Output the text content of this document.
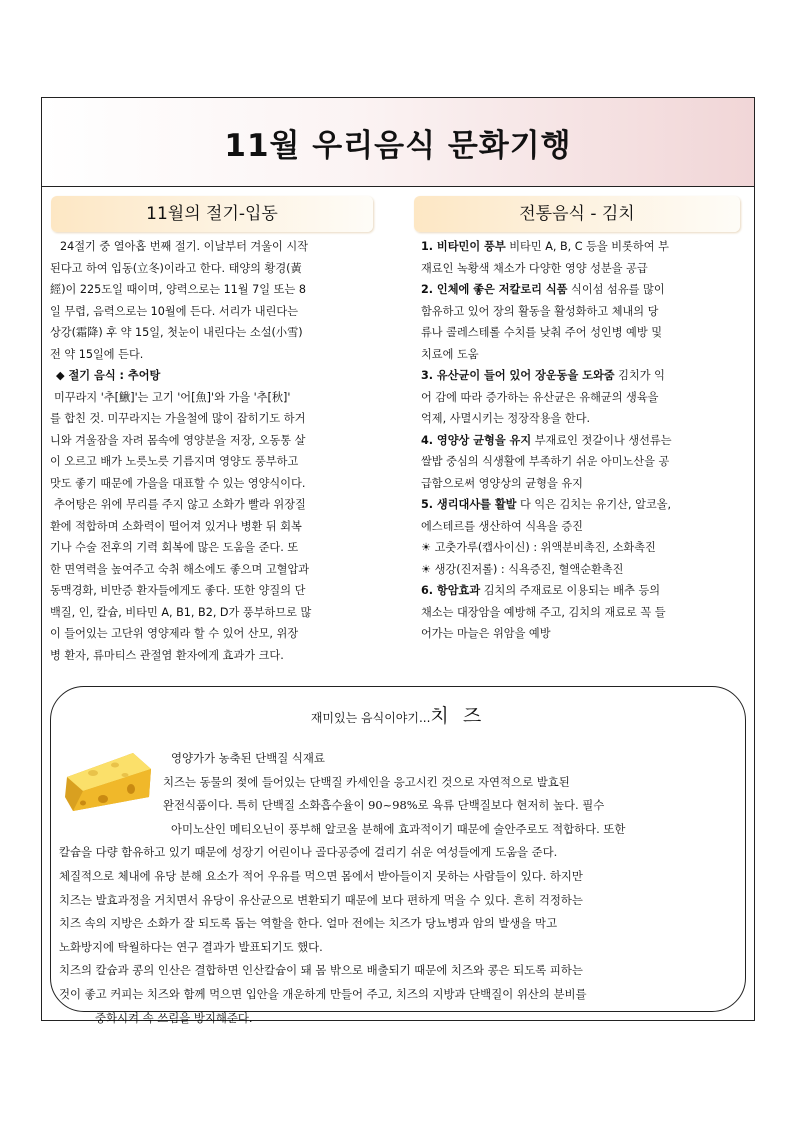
11월 우리음식 문화기행
11월의 절기-입동	전통음식 - 김치

24절기 중 열아홉 번째 절기. 이날부터 겨울이 시작

된다고 하여 입동(立冬)이라고 한다. 태양의 황경(黃

經)이 225도일 때이며, 양력으로는 11월 7일 또는 8

일 무렵, 음력으로는 10월에 든다. 서리가 내린다는

상강(霜降) 후 약 15일, 첫눈이 내린다는 소설(小雪)

전 약 15일에 든다.

◆ 절기 음식 : 추어탕

미꾸라지 '추[鰍]'는 고기 '어[魚]'와 가을 '추[秋]'

를 합친 것. 미꾸라지는 가을철에 많이 잡히기도 하거

니와 겨울잠을 자려 몸속에 영양분을 저장, 오동통 살

이 오르고 배가 노릇노릇 기름지며 영양도 풍부하고

맛도 좋기 때문에 가을을 대표할 수 있는 영양식이다.

추어탕은 위에 무리를 주지 않고 소화가 빨라 위장질

환에 적합하며 소화력이 떨어져 있거나 병환 뒤 회복

기나 수술 전후의 기력 회복에 많은 도움을 준다. 또

한 면역력을 높여주고 숙취 해소에도 좋으며 고혈압과

동맥경화, 비만증 환자들에게도 좋다. 또한 양질의 단

백질, 인, 칼슘, 비타민 A, B1, B2, D가 풍부하므로 많

이 들어있는 고단위 영양제라 할 수 있어 산모, 위장

병 환자, 류마티스 관절염 환자에게 효과가 크다.

1. 비타민이 풍부 비타민 A, B, C 등을 비롯하여 부

재료인 녹황색 채소가 다양한 영양 성분을 공급

2. 인체에 좋은 저칼로리 식품 식이섬 섬유를 많이

함유하고 있어 장의 활동을 활성화하고 체내의 당

류나 콜레스테롤 수치를 낮춰 주어 성인병 예방 및

치료에 도움

3. 유산균이 들어 있어 장운동을 도와줌 김치가 익

어 감에 따라 증가하는 유산균은 유해균의 생육을

억제, 사멸시키는 정장작용을 한다.

4. 영양상 균형을 유지 부재료인 젓갈이나 생선류는

쌀밥 중심의 식생활에 부족하기 쉬운 아미노산을 공

급함으로써 영양상의 균형을 유지

5. 생리대사를 활발 다 익은 김치는 유기산, 알코올,

에스테르를 생산하여 식욕을 증진

☀ 고춧가루(캡사이신) : 위액분비촉진, 소화촉진

☀ 생강(진저롤) : 식욕증진, 혈액순환촉진

6. 항암효과 김치의 주재료로 이용되는 배추 등의

채소는 대장암을 예방해 주고, 김치의 재료로 꼭 들

어가는 마늘은 위암을 예방

재미있는 음식이야기...치 즈

영양가가 농축된 단백질 식재료

치즈는 동물의 젖에 들어있는 단백질 카세인을 응고시킨 것으로 자연적으로 발효된

완전식품이다. 특히 단백질 소화흡수율이 90~98%로 육류 단백질보다 현저히 높다. 필수

아미노산인 메티오닌이 풍부해 알코올 분해에 효과적이기 때문에 술안주로도 적합하다. 또한

칼슘을 다량 함유하고 있기 때문에 성장기 어린이나 골다공증에 걸리기 쉬운 여성들에게 도움을 준다.

체질적으로 체내에 유당 분해 요소가 적어 우유를 먹으면 몸에서 받아들이지 못하는 사람들이 있다. 하지만

치즈는 발효과정을 거치면서 유당이 유산균으로 변환되기 때문에 보다 편하게 먹을 수 있다. 흔히 걱정하는

치즈 속의 지방은 소화가 잘 되도록 돕는 역할을 한다. 얼마 전에는 치즈가 당뇨병과 암의 발생을 막고

노화방지에 탁월하다는 연구 결과가 발표되기도 했다.

치즈의 칼슘과 콩의 인산은 결합하면 인산칼슘이 돼 몸 밖으로 배출되기 때문에 치즈와 콩은 되도록 피하는

것이 좋고 커피는 치즈와 함께 먹으면 입안을 개운하게 만들어 주고, 치즈의 지방과 단백질이 위산의 분비를

중화시켜 속 쓰림을 방지해준다.
